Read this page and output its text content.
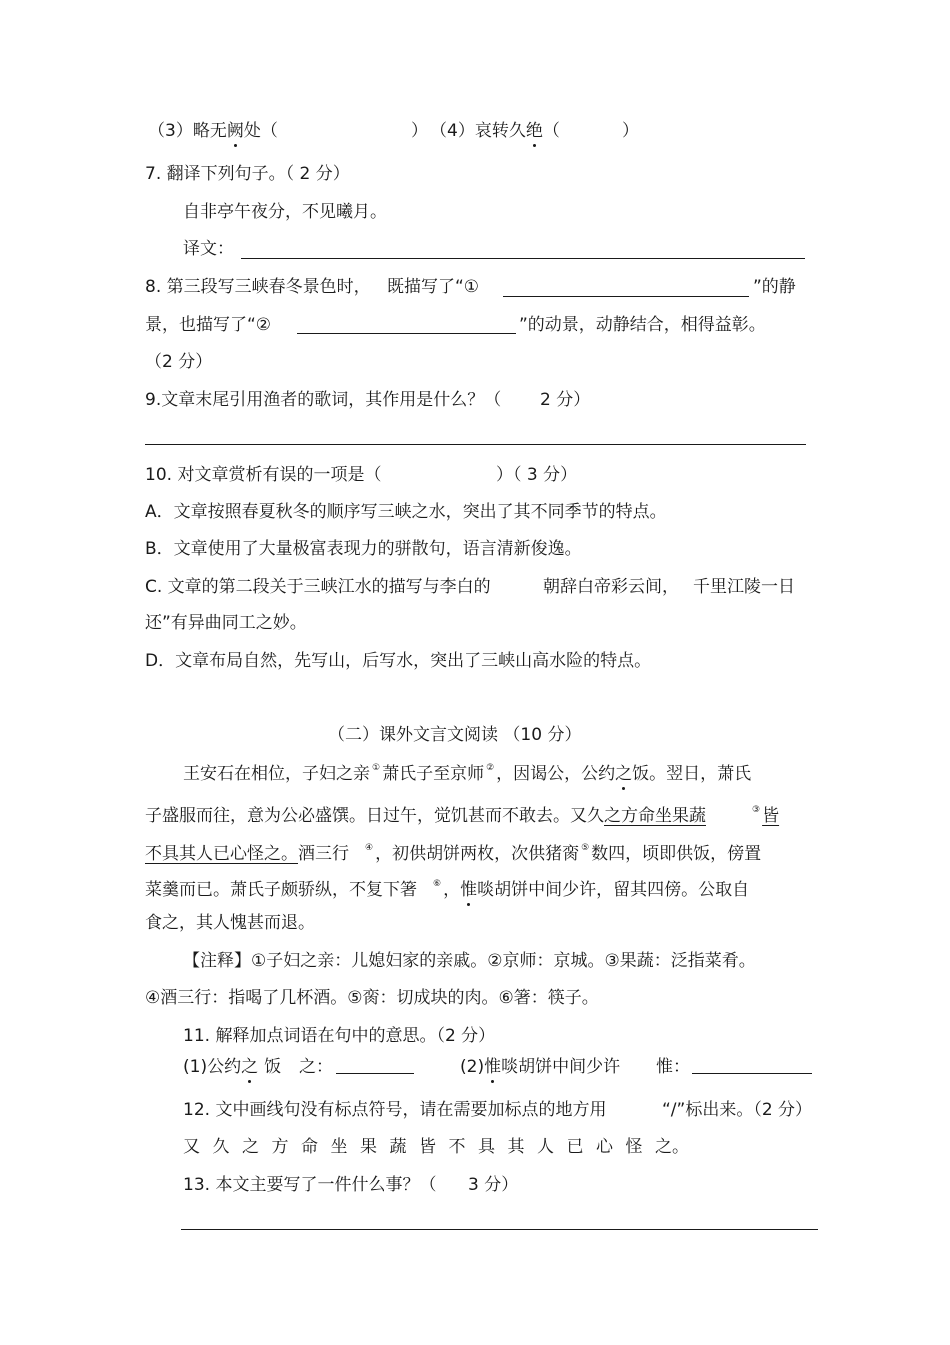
（3）略无阙处（	） （4）哀转久绝（	）
7. 翻译下列句子。（ 2 分）
自非亭午夜分，不见曦月。
译文：
8. 第三段写三峡春冬景色时， 既描写了“①	”的静
景，也描写了“②	”的动景，动静结合，相得益彰。
（2 分）
9.文章末尾引用渔者的歌词，其作用是什么？（ 2 分）
10. 对文章赏析有误的一项是（	）（ 3 分）
A．文章按照春夏秋冬的顺序写三峡之水，突出了其不同季节的特点。
B．文章使用了大量极富表现力的骈散句，语言清新俊逸。
C. 文章的第二段关于三峡江水的描写与李白的	朝辞白帝彩云间， 千里江陵一日
还”有异曲同工之妙。
D．文章布局自然，先写山，后写水，突出了三峡山高水险的特点。
（二）课外文言文阅读 （10 分）
王安石在相位，子妇之亲 ① 萧氏子至京师 ② ，因谒公，公约之饭。翌日，萧氏
子盛服而往，意为公必盛馔。日过午，觉饥甚而不敢去。又久之方命坐果蔬	③ 皆
不具其人已心怪之。酒三行 ④ ，初供胡饼两枚，次供猪脔 ⑤ 数四，顷即供饭，傍置
菜羹而已。萧氏子颇骄纵，不复下箸 ⑥ ，惟啖胡饼中间少许，留其四傍。公取自
食之，其人愧甚而退。
【注释】①子妇之亲：儿媳妇家的亲戚。②京师：京城。③果蔬：泛指菜肴。
④酒三行：指喝了几杯酒。⑤脔：切成块的肉。⑥箸：筷子。
11. 解释加点词语在句中的意思。（2 分）
(1)公约之 饭 之：	(2)惟啖胡饼中间少许 惟：
12. 文中画线句没有标点符号，请在需要加标点的地方用	“/”标出来。（2 分）
又 久 之 方 命 坐 果 蔬 皆 不 具 其 人 已 心 怪 之。
13. 本文主要写了一件什么事？（ 3 分）
